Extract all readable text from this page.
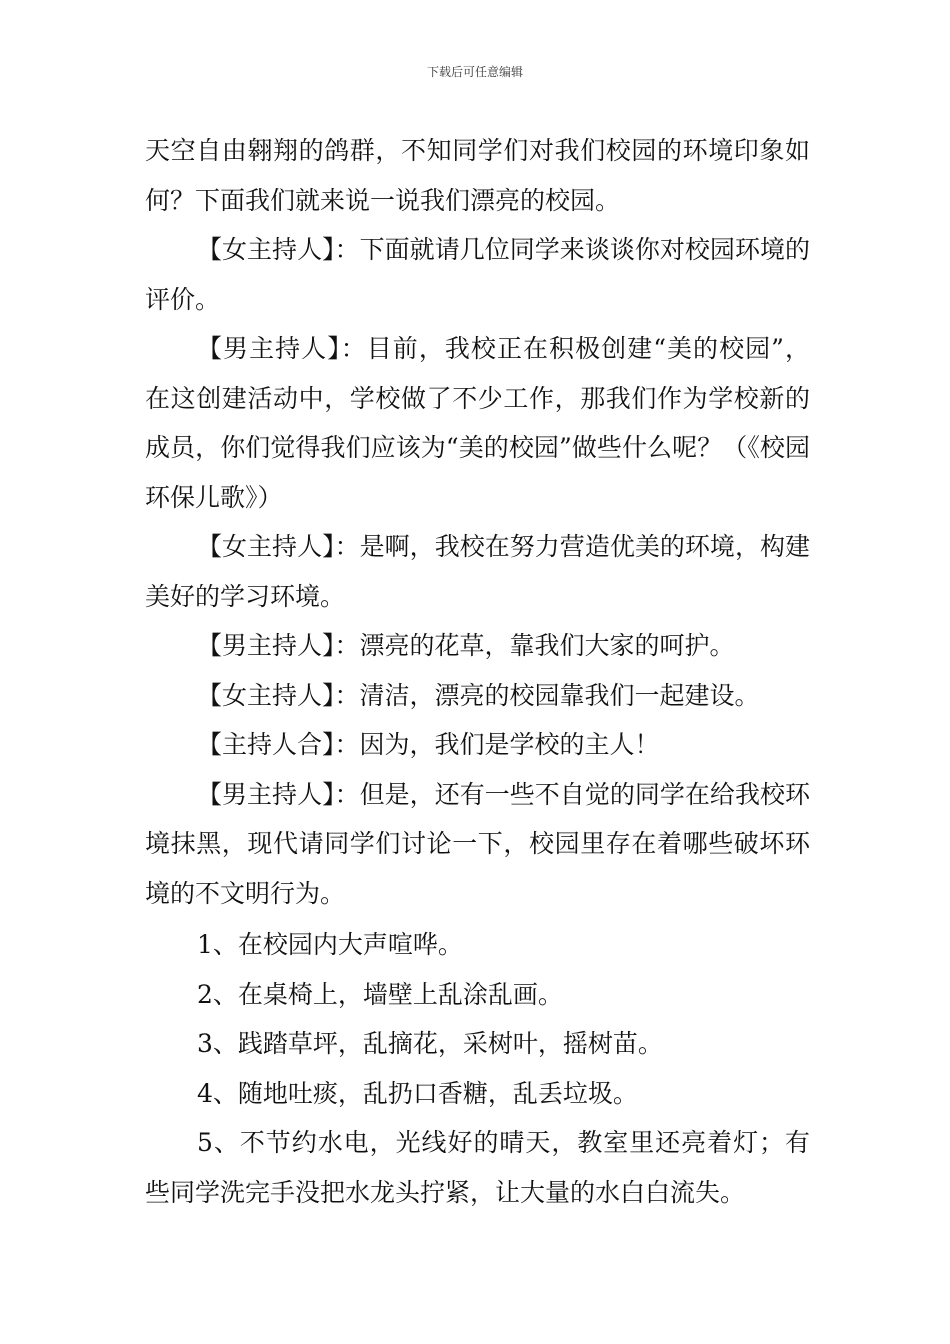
下载后可任意编辑

天空自由翱翔的鸽群，不知同学们对我们校园的环境印象如何？下面我们就来说一说我们漂亮的校园。

【女主持人】：下面就请几位同学来谈谈你对校园环境的评价。

【男主持人】：目前，我校正在积极创建“美的校园”，在这创建活动中，学校做了不少工作，那我们作为学校新的成员，你们觉得我们应该为“美的校园”做些什么呢？（《校园环保儿歌》）

【女主持人】：是啊，我校在努力营造优美的环境，构建美好的学习环境。

【男主持人】：漂亮的花草，靠我们大家的呵护。

【女主持人】：清洁，漂亮的校园靠我们一起建设。

【主持人合】：因为，我们是学校的主人！

【男主持人】：但是，还有一些不自觉的同学在给我校环境抹黑，现代请同学们讨论一下，校园里存在着哪些破坏环境的不文明行为。

1、在校园内大声喧哗。

2、在桌椅上，墙壁上乱涂乱画。

3、践踏草坪，乱摘花，采树叶，摇树苗。

4、随地吐痰，乱扔口香糖，乱丢垃圾。

5、不节约水电，光线好的晴天，教室里还亮着灯；有些同学洗完手没把水龙头拧紧，让大量的水白白流失。
